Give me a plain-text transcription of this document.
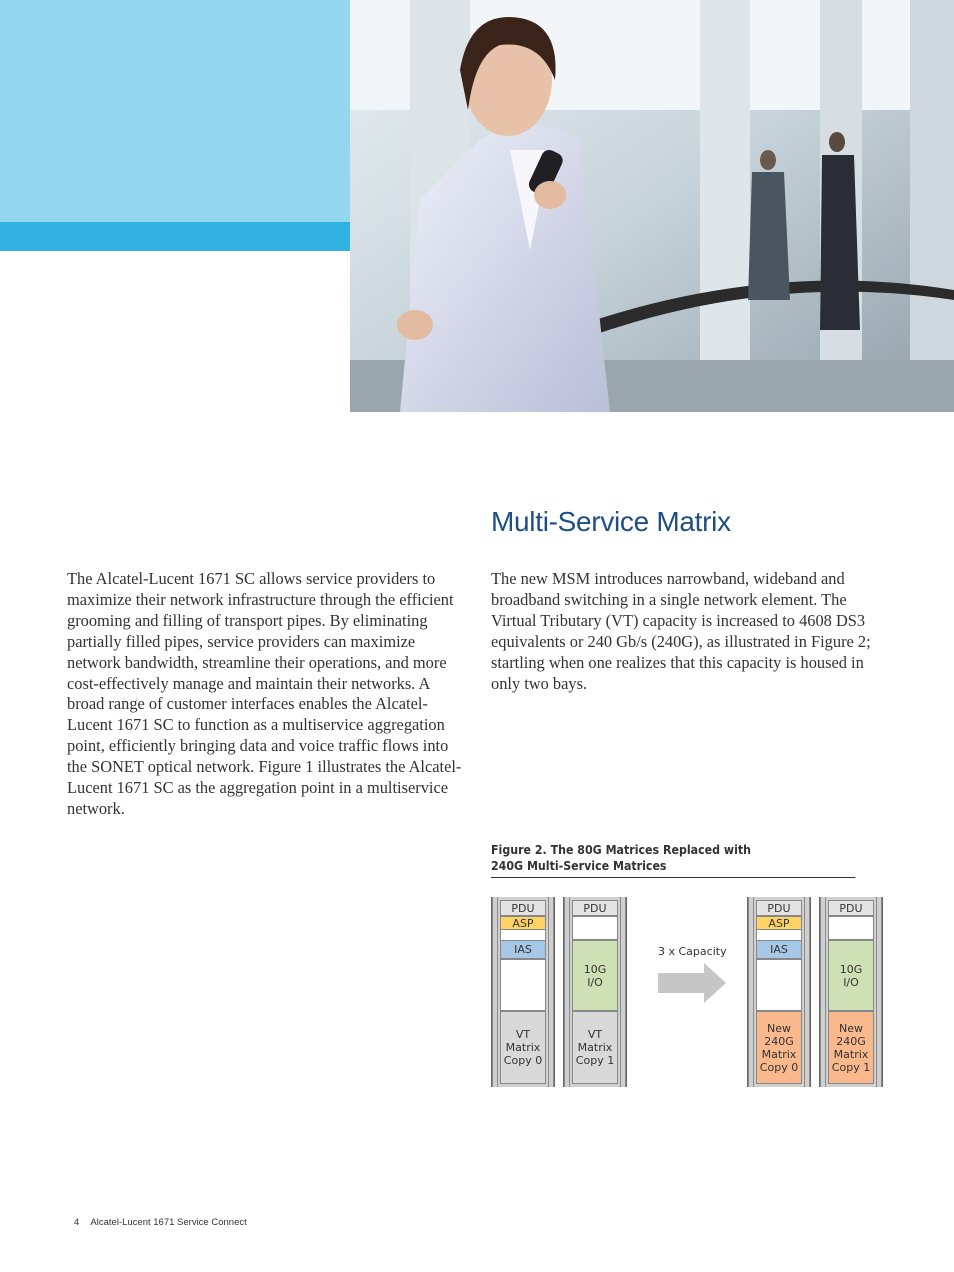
Multi-Service Matrix

The Alcatel-Lucent 1671 SC allows service providers to maximize their network infrastructure through the efficient grooming and filling of transport pipes. By eliminating partially filled pipes, service providers can maximize network bandwidth, streamline their operations, and more cost-effectively manage and maintain their networks. A broad range of customer interfaces enables the Alcatel-Lucent 1671 SC to function as a multiservice aggregation point, efficiently bringing data and voice traffic flows into the SONET optical network. Figure 1 illustrates the Alcatel-Lucent 1671 SC as the aggregation point in a multiservice network.

The new MSM introduces narrowband, wideband and broadband switching in a single network element. The Virtual Tributary (VT) capacity is increased to 4608 DS3 equivalents or 240 Gb/s (240G), as illustrated in Figure 2; startling when one realizes that this capacity is housed in only two bays.

Figure 2. The 80G Matrices Replaced with
240G Multi-Service Matrices
PDU
ASP
IAS
VT
Matrix
Copy 0
PDU
10G
I/O
VT
Matrix
Copy 1
3 x Capacity
PDU
ASP
IAS
New
240G
Matrix
Copy 0
PDU
10G
I/O
New
240G
Matrix
Copy 1
4 Alcatel-Lucent 1671 Service Connect
